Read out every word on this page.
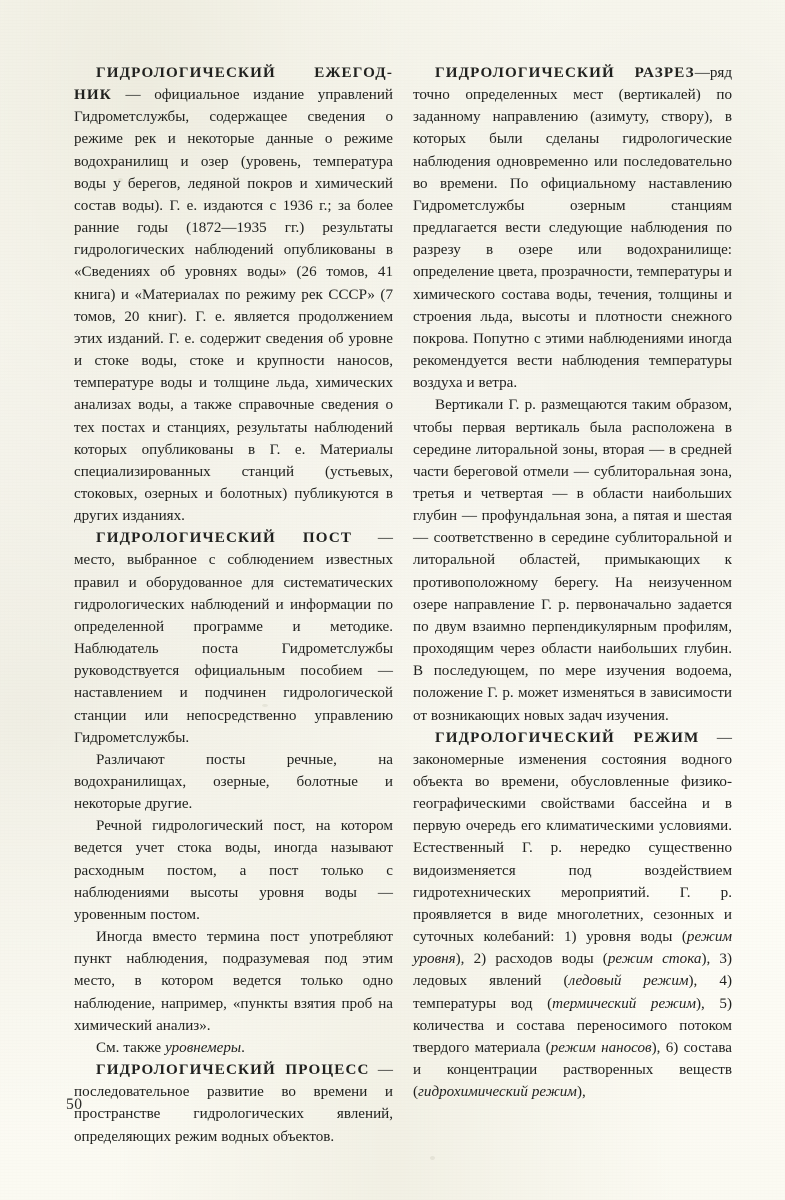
ГИДРОЛОГИЧЕСКИЙ ЕЖЕГОД-НИК — официальное издание управлений Гидрометслужбы, содержащее сведения о режиме рек и некоторые данные о режиме водохранилищ и озер (уровень, температура воды у берегов, ледяной покров и химический состав воды). Г. е. издаются с 1936 г.; за более ранние годы (1872—1935 гг.) результаты гидрологических наблюдений опубликованы в «Сведениях об уровнях воды» (26 томов, 41 книга) и «Материалах по режиму рек СССР» (7 томов, 20 книг). Г. е. является продолжением этих изданий. Г. е. содержит сведения об уровне и стоке воды, стоке и крупности наносов, температуре воды и толщине льда, химических анализах воды, а также справочные сведения о тех постах и станциях, результаты наблюдений которых опубликованы в Г. е. Материалы специализированных станций (устьевых, стоковых, озерных и болотных) публикуются в других изданиях.

ГИДРОЛОГИЧЕСКИЙ ПОСТ — место, выбранное с соблюдением известных правил и оборудованное для систематических гидрологических наблюдений и информации по определенной программе и методике. Наблюдатель поста Гидрометслужбы руководствуется официальным пособием — наставлением и подчинен гидрологической станции или непосредственно управлению Гидрометслужбы.

Различают посты речные, на водохранилищах, озерные, болотные и некоторые другие.

Речной гидрологический пост, на котором ведется учет стока воды, иногда называют расходным постом, а пост только с наблюдениями высоты уровня воды — уровенным постом.

Иногда вместо термина пост употребляют пункт наблюдения, подразумевая под этим место, в котором ведется только одно наблюдение, например, «пункты взятия проб на химический анализ».

См. также уровнемеры.

ГИДРОЛОГИЧЕСКИЙ ПРОЦЕСС — последовательное развитие во времени и пространстве гидрологических явлений, определяющих режим водных объектов.

ГИДРОЛОГИЧЕСКИЙ РАЗРЕЗ—ряд точно определенных мест (вертикалей) по заданному направлению (азимуту, створу), в которых были сделаны гидрологические наблюдения одновременно или последовательно во времени. По официальному наставлению Гидрометслужбы озерным станциям предлагается вести следующие наблюдения по разрезу в озере или водохранилище: определение цвета, прозрачности, температуры и химического состава воды, течения, толщины и строения льда, высоты и плотности снежного покрова. Попутно с этими наблюдениями иногда рекомендуется вести наблюдения температуры воздуха и ветра.

Вертикали Г. р. размещаются таким образом, чтобы первая вертикаль была расположена в середине литоральной зоны, вторая — в средней части береговой отмели — сублиторальная зона, третья и четвертая — в области наибольших глубин — профундальная зона, а пятая и шестая — соответственно в середине сублиторальной и литоральной областей, примыкающих к противоположному берегу. На неизученном озере направление Г. р. первоначально задается по двум взаимно перпендикулярным профилям, проходящим через области наибольших глубин. В последующем, по мере изучения водоема, положение Г. р. может изменяться в зависимости от возникающих новых задач изучения.

ГИДРОЛОГИЧЕСКИЙ РЕЖИМ — закономерные изменения состояния водного объекта во времени, обусловленные физико-географическими свойствами бассейна и в первую очередь его климатическими условиями. Естественный Г. р. нередко существенно видоизменяется под воздействием гидротехнических мероприятий. Г. р. проявляется в виде многолетних, сезонных и суточных колебаний: 1) уровня воды (режим уровня), 2) расходов воды (режим стока), 3) ледовых явлений (ледовый режим), 4) температуры вод (термический режим), 5) количества и состава переносимого потоком твердого материала (режим наносов), 6) состава и концентрации растворенных веществ (гидрохимический режим),

50
